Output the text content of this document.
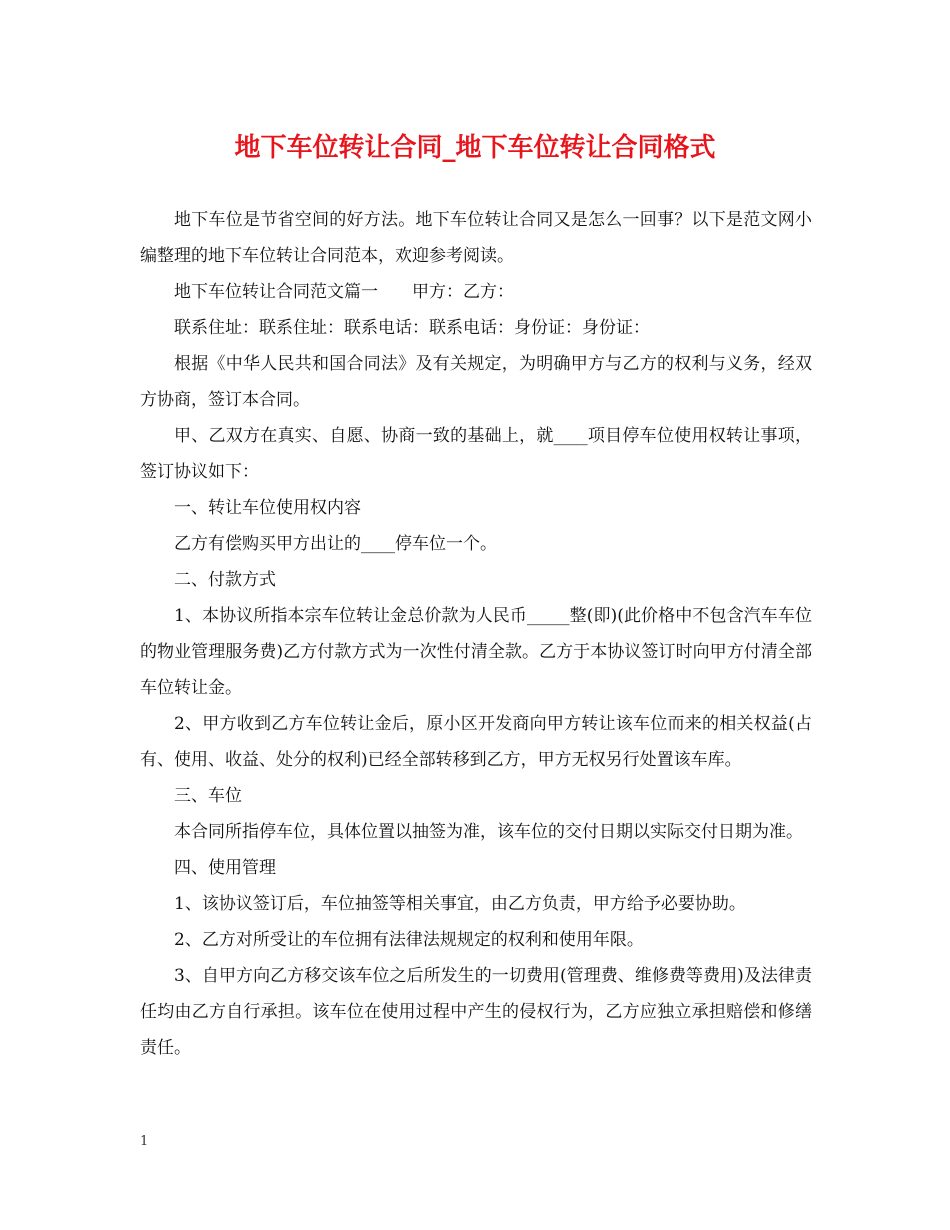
地下车位转让合同_地下车位转让合同格式

地下车位是节省空间的好方法。地下车位转让合同又是怎么一回事？以下是范文网小编整理的地下车位转让合同范本，欢迎参考阅读。

地下车位转让合同范文篇一　　甲方：乙方：

联系住址：联系住址：联系电话：联系电话：身份证：身份证：

根据《中华人民共和国合同法》及有关规定，为明确甲方与乙方的权利与义务，经双方协商，签订本合同。

甲、乙双方在真实、自愿、协商一致的基础上，就____项目停车位使用权转让事项，签订协议如下：

一、转让车位使用权内容

乙方有偿购买甲方出让的____停车位一个。

二、付款方式

1、本协议所指本宗车位转让金总价款为人民币_____整(即)(此价格中不包含汽车车位的物业管理服务费)乙方付款方式为一次性付清全款。乙方于本协议签订时向甲方付清全部车位转让金。

2、甲方收到乙方车位转让金后，原小区开发商向甲方转让该车位而来的相关权益(占有、使用、收益、处分的权利)已经全部转移到乙方，甲方无权另行处置该车库。

三、车位

本合同所指停车位，具体位置以抽签为准，该车位的交付日期以实际交付日期为准。

四、使用管理

1、该协议签订后，车位抽签等相关事宜，由乙方负责，甲方给予必要协助。

2、乙方对所受让的车位拥有法律法规规定的权利和使用年限。

3、自甲方向乙方移交该车位之后所发生的一切费用(管理费、维修费等费用)及法律责任均由乙方自行承担。该车位在使用过程中产生的侵权行为，乙方应独立承担赔偿和修缮责任。

1
